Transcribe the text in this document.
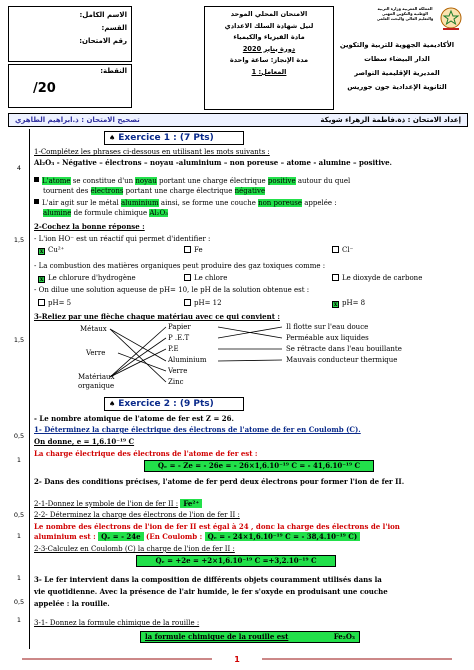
الاسم الكامل:
القسم:
رقم الامتحان:
النقطة:
/20
الامتحان المحلي الموحد
لنيل شهادة السلك الاعدادي
مادة الفيزياء والكيمياء
دورة يناير 2020
مدة الإنجاز: ساعة واحدة
المعامل: 1
المملكة المغربية وزارة التربية الوطنية والتكوين المهني والتعليم العالي والبحث العلمي
الأكاديمية الجهوية للتربية والتكوين
الدار البيضاء سطات
المديرية الإقليمية النواصر
الثانوية الإعدادية جون جوريس
إعداد الامتحان : ذة.فاطمة الزهراء شويكة
تصحيح الامتحان : ذ.ابراهيم الطاهري
4
1,5
1,5
0,5
1
0,5
1
1
0,5
1
♠ Exercice 1 : (7 Pts)
1-Complétez les phrases ci-dessous en utilisant les mots suivants :
Al₂O₃ - Négative – électrons – noyau -aluminium – non poreuse – atome - alumine – positive.
L'atome se constitue d'un noyau portant une charge électrique positive autour du quel
tournent des électrons portant une charge électrique négative
L'air agit sur le métal aluminium ainsi, se forme une couche non poreuse appelée :
alumine de formule chimique Al₂O₃
2-Cochez la bonne réponse :
- L'ion HO⁻ est un réactif qui permet d'identifier :
x Cu²⁺	Fe	Cl⁻
- La combustion des matières organiques peut produire des gaz toxiques comme :
x Le chlorure d'hydrogène	Le chlore	Le dioxyde de carbone
- On dilue une solution aqueuse de pH= 10, le pH de la solution obtenue est :
pH= 5	pH= 12	x pH= 8
3-Reliez par une flèche chaque matériau avec ce qui convient :
Métaux
Verre
Matériaux
organique
Papier
P .E.T
P.E
Aluminium
Verre
Zinc
Il flotte sur l'eau douce
Perméable aux liquides
Se rétracte dans l'eau bouillante
Mauvais conducteur thermique
♠ Exercice 2 : (9 Pts)
- Le nombre atomique de l'atome de fer est Z = 26.
1- Déterminez la charge électrique des électrons de l'atome de fer en Coulomb (C).
On donne, e = 1,6.10⁻¹⁹ C
La charge électrique des électrons de l'atome de fer est :
Qₑ = - Ze = - 26e = - 26×1,6.10⁻¹⁹ C = - 41,6.10⁻¹⁹ C
2- Dans des conditions précises, l'atome de fer perd deux électrons pour former l'ion de fer II.
2-1-Donnez le symbole de l'ion de fer II : Fe²⁺
2-2- Déterminez la charge des électrons de l'ion de fer II :
Le nombre des électrons de l'ion de fer II est égal à 24 , donc la charge des électrons de l'ion
aluminium est : Qₑ = - 24e (En Coulomb : Qₑ = - 24×1,6.10⁻¹⁹ C = - 38,4.10⁻¹⁹ C)
2-3-Calculez en Coulomb (C) la charge de l'ion de fer II :
Qₑ = +2e = +2×1,6.10⁻¹⁹ C =+3,2.10⁻¹⁹ C
3- Le fer intervient dans la composition de différents objets couramment utilisés dans la
vie quotidienne. Avec la présence de l'air humide, le fer s'oxyde en produisant une couche
appelée : la rouille.
3-1- Donnez la formule chimique de la rouille :
la formule chimique de la rouille est	Fe₂O₃
1
